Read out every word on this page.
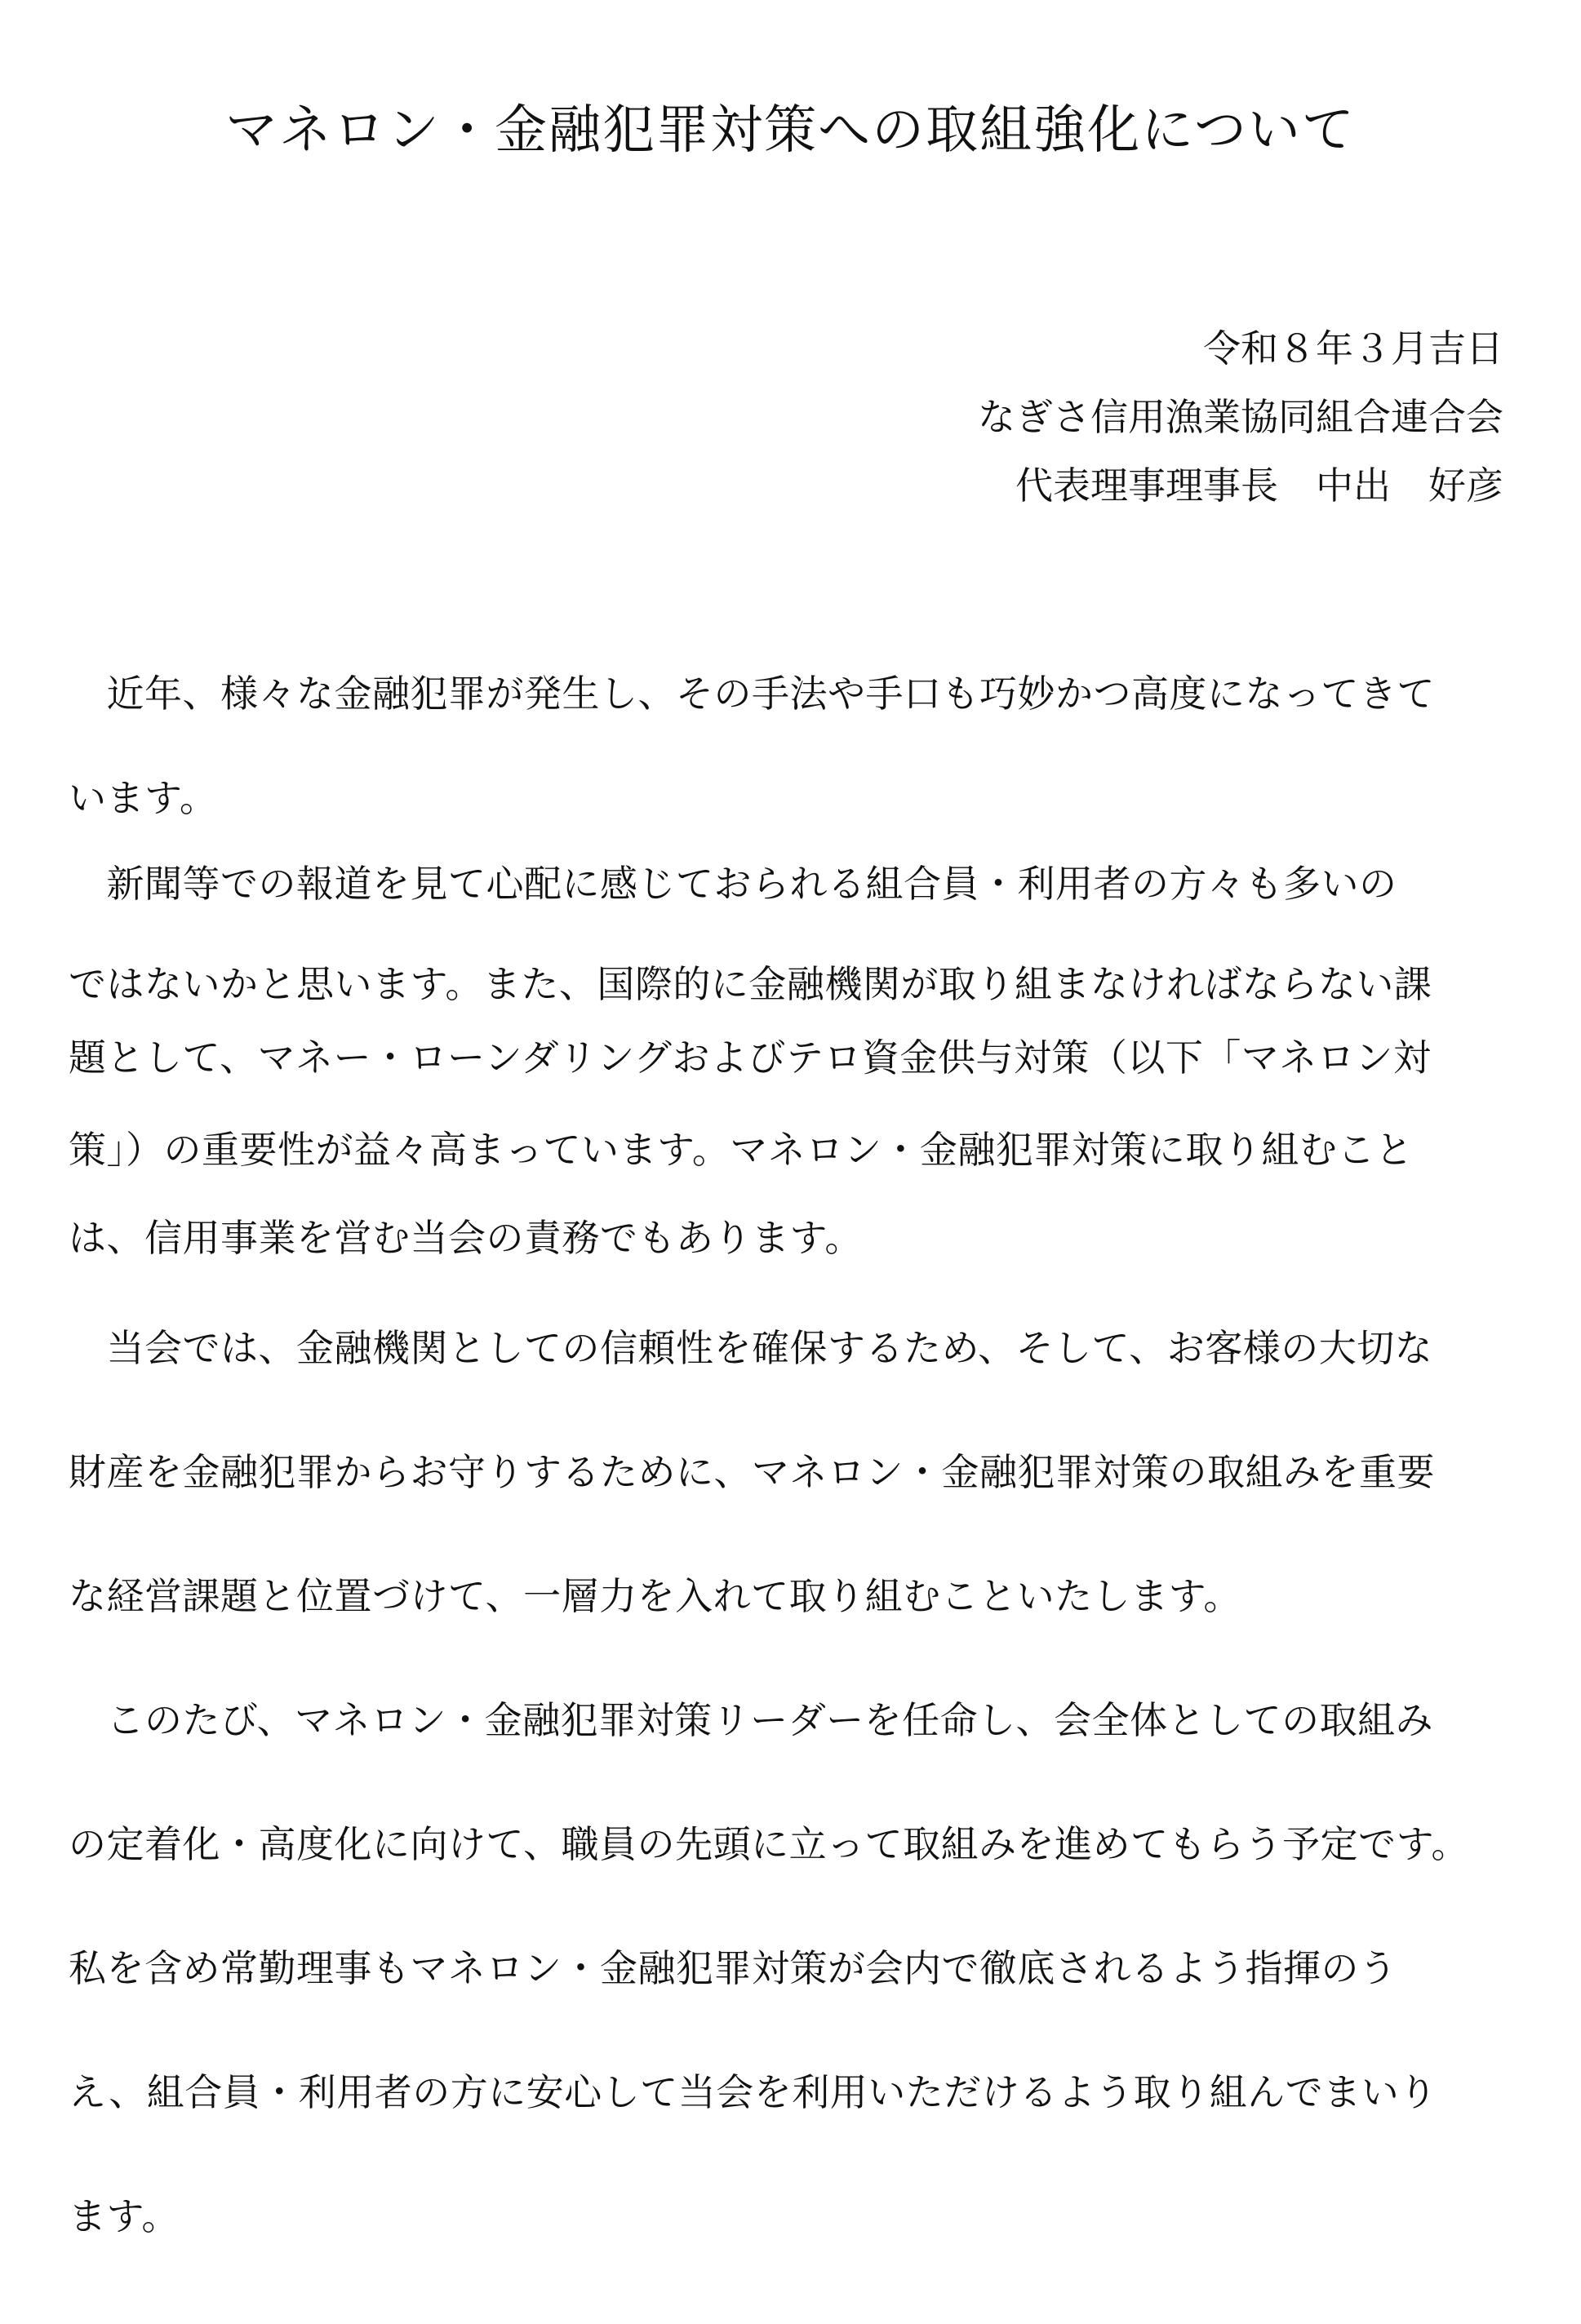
マネロン・金融犯罪対策への取組強化について
令和８年３月吉日
なぎさ信用漁業協同組合連合会
代表理事理事長　中出　好彦
　近年、様々な金融犯罪が発生し、その手法や手口も巧妙かつ高度になってきて
います。
　新聞等での報道を見て心配に感じておられる組合員・利用者の方々も多いの
ではないかと思います。また、国際的に金融機関が取り組まなければならない課
題として、マネー・ローンダリングおよびテロ資金供与対策（以下「マネロン対
策」）の重要性が益々高まっています。マネロン・金融犯罪対策に取り組むこと
は、信用事業を営む当会の責務でもあります。
　当会では、金融機関としての信頼性を確保するため、そして、お客様の大切な
財産を金融犯罪からお守りするために、マネロン・金融犯罪対策の取組みを重要
な経営課題と位置づけて、一層力を入れて取り組むこといたします。
　このたび、マネロン・金融犯罪対策リーダーを任命し、会全体としての取組み
の定着化・高度化に向けて、職員の先頭に立って取組みを進めてもらう予定です。
私を含め常勤理事もマネロン・金融犯罪対策が会内で徹底されるよう指揮のう
え、組合員・利用者の方に安心して当会を利用いただけるよう取り組んでまいり
ます。
